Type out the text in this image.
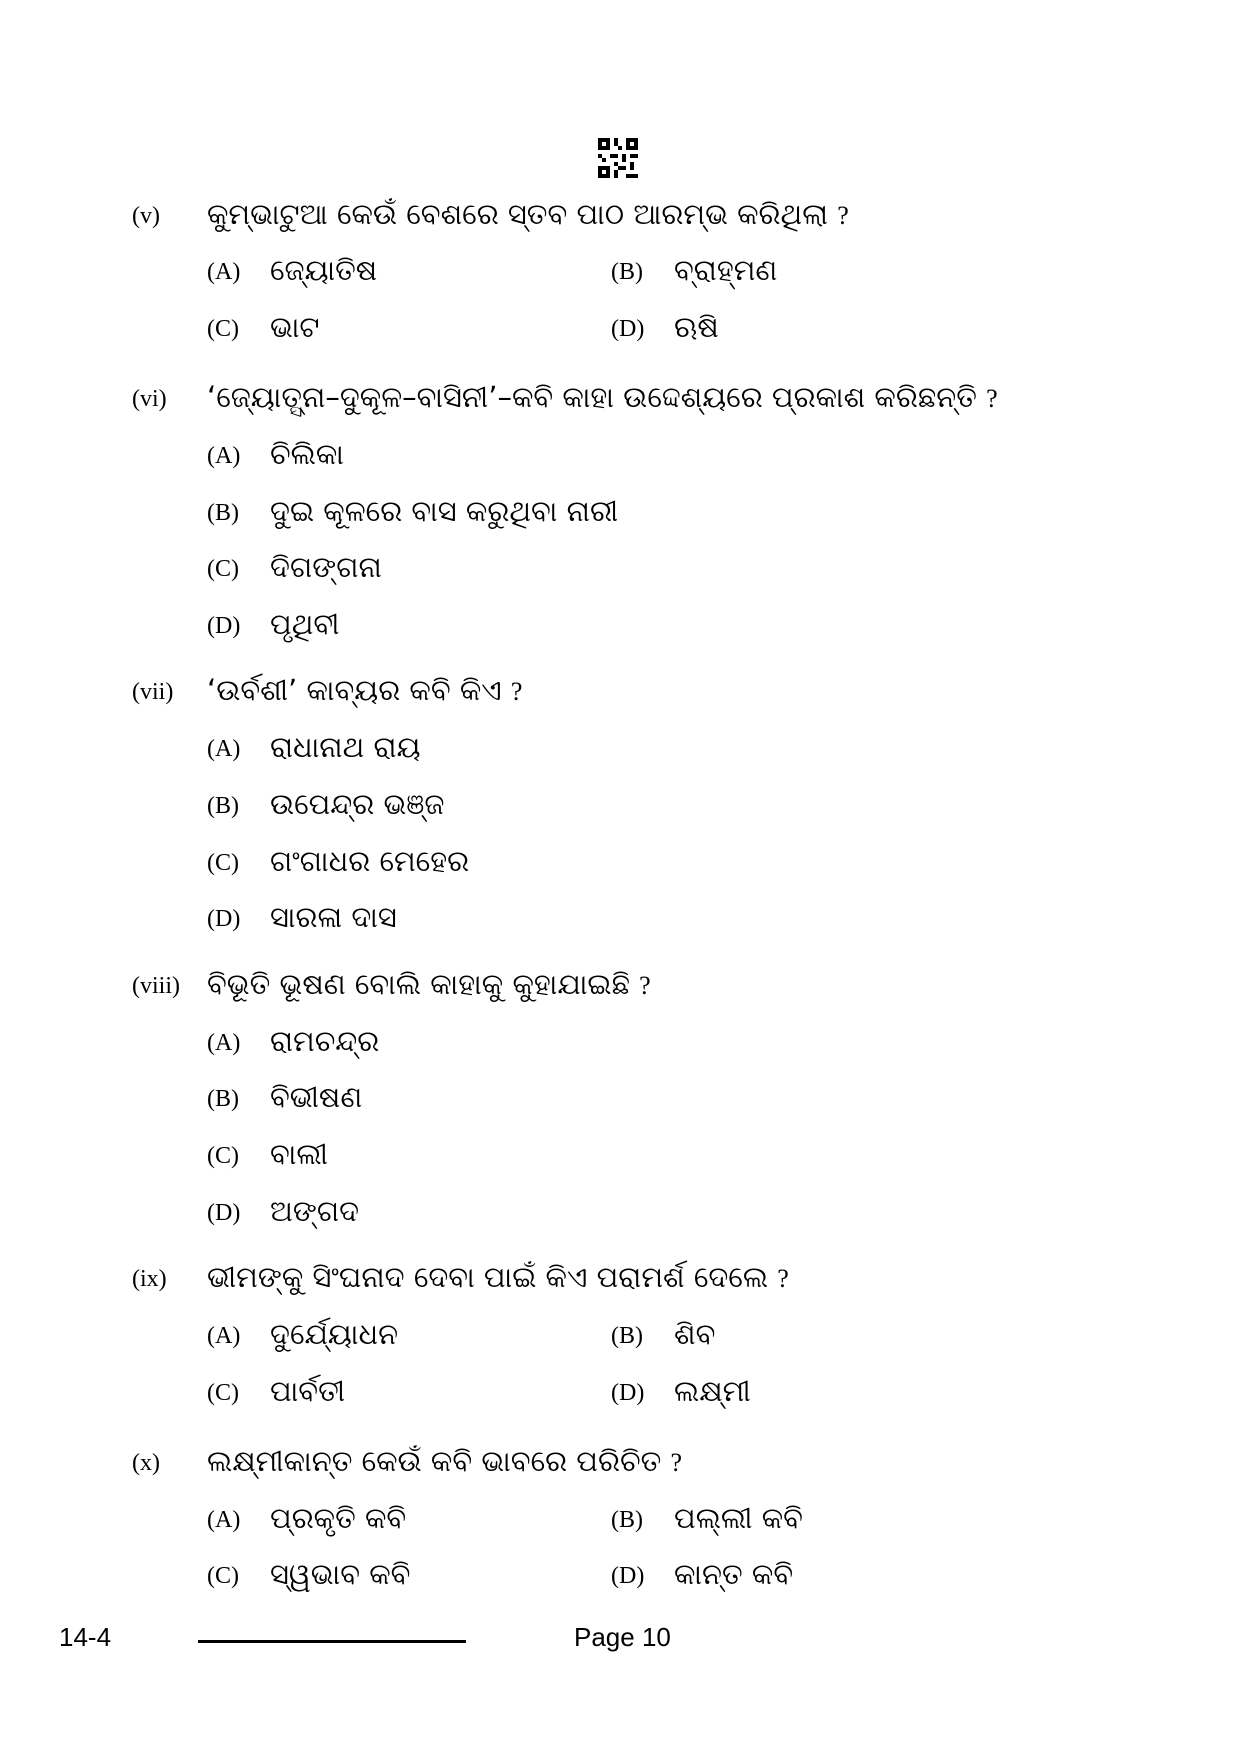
(v) କୁମ୍ଭାଟୁଆ କେଉଁ ବେଶରେ ସ୍ତବ ପାଠ ଆରମ୍ଭ କରିଥିଲା ?
(A) ଜ୍ୟୋତିଷ	(B) ବ୍ରାହ୍ମଣ
(C) ଭାଟ	(D) ଋଷି
(vi) ‘ଜ୍ୟୋତ୍ସ୍ନା–ଦୁକୂଳ–ବାସିନୀ’–କବି କାହା ଉଦ୍ଦେଶ୍ୟରେ ପ୍ରକାଶ କରିଛନ୍ତି ?
(A) ଚିଲିକା
(B) ଦୁଇ କୂଳରେ ବାସ କରୁଥିବା ନାରୀ
(C) ଦିଗଙ୍ଗନା
(D) ପୃଥିବୀ
(vii) ‘ଉର୍ବଶୀ’ କାବ୍ୟର କବି କିଏ ?
(A) ରାଧାନାଥ ରାୟ
(B) ଉପେନ୍ଦ୍ର ଭଞ୍ଜ
(C) ଗଂଗାଧର ମେହେର
(D) ସାରଳା ଦାସ
(viii) ବିଭୂତି ଭୂଷଣ ବୋଲି କାହାକୁ କୁହାଯାଇଛି ?
(A) ରାମଚନ୍ଦ୍ର
(B) ବିଭୀଷଣ
(C) ବାଲୀ
(D) ଅଙ୍ଗଦ
(ix) ଭୀମଙ୍କୁ ସିଂଘନାଦ ଦେବା ପାଇଁ କିଏ ପରାମର୍ଶ ଦେଲେ ?
(A) ଦୁର୍ଯ୍ୟୋଧନ	(B) ଶିବ
(C) ପାର୍ବତୀ	(D) ଲକ୍ଷ୍ମୀ
(x) ଲକ୍ଷ୍ମୀକାନ୍ତ କେଉଁ କବି ଭାବରେ ପରିଚିତ ?
(A) ପ୍ରକୃତି କବି	(B) ପଲ୍ଲୀ କବି
(C) ସ୍ୱଭାବ କବି	(D) କାନ୍ତ କବି
14-4	Page 10
